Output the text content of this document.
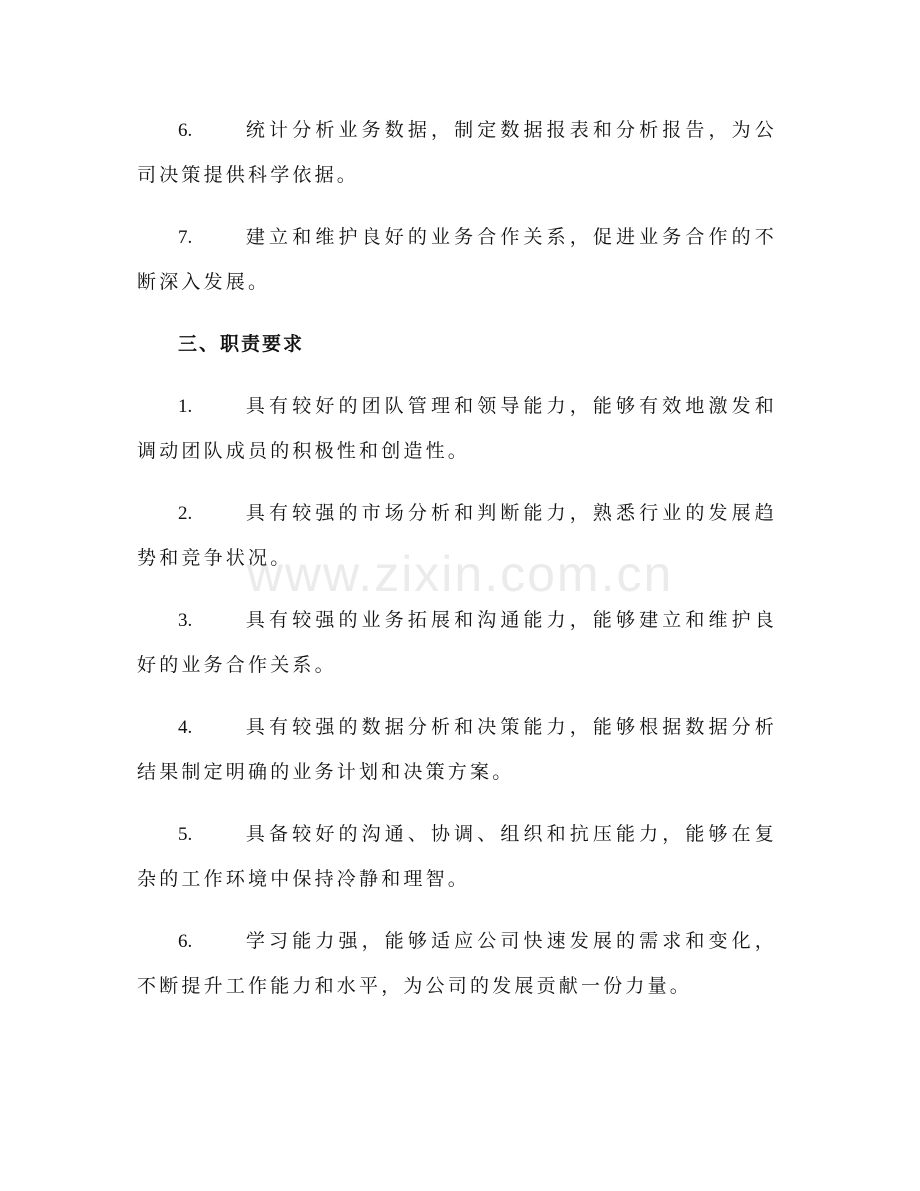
www.zixin.com.cn

6.	统计分析业务数据，制定数据报表和分析报告，为公司决策提供科学依据。

7.	建立和维护良好的业务合作关系，促进业务合作的不断深入发展。

三、职责要求

1.	具有较好的团队管理和领导能力，能够有效地激发和调动团队成员的积极性和创造性。

2.	具有较强的市场分析和判断能力，熟悉行业的发展趋势和竞争状况。

3.	具有较强的业务拓展和沟通能力，能够建立和维护良好的业务合作关系。

4.	具有较强的数据分析和决策能力，能够根据数据分析结果制定明确的业务计划和决策方案。

5.	具备较好的沟通、协调、组织和抗压能力，能够在复杂的工作环境中保持冷静和理智。

6.	学习能力强，能够适应公司快速发展的需求和变化，不断提升工作能力和水平，为公司的发展贡献一份力量。
